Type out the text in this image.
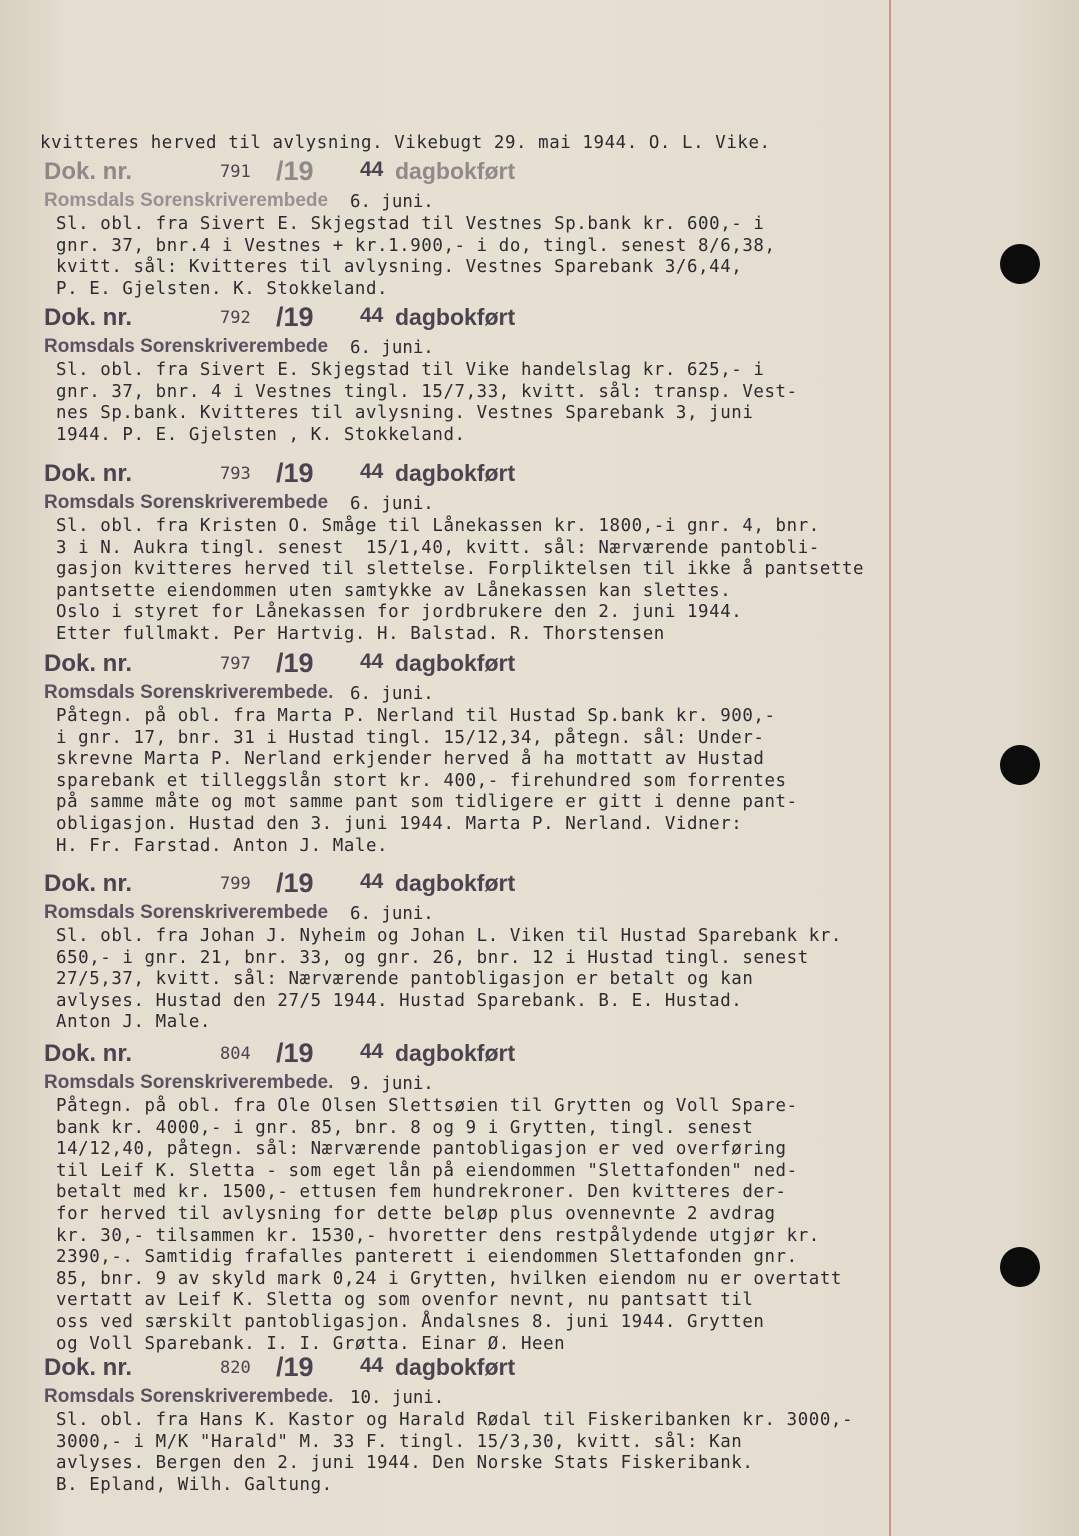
kvitteres herved til avlysning. Vikebugt 29. mai 1944. O. L. Vike.
Dok. nr.	791 /19 44 dagbokført
Romsdals Sorenskriverembede 6. juni.
Sl. obl. fra Sivert E. Skjegstad til Vestnes Sp.bank kr. 600,- i
gnr. 37, bnr.4 i Vestnes + kr.1.900,- i do, tingl. senest 8/6,38,
kvitt. sål: Kvitteres til avlysning. Vestnes Sparebank 3/6,44,
P. E. Gjelsten. K. Stokkeland.
Dok. nr.	792 /19 44 dagbokført
Romsdals Sorenskriverembede 6. juni.
Sl. obl. fra Sivert E. Skjegstad til Vike handelslag kr. 625,- i
gnr. 37, bnr. 4 i Vestnes tingl. 15/7,33, kvitt. sål: transp. Vest-
nes Sp.bank. Kvitteres til avlysning. Vestnes Sparebank 3, juni
1944. P. E. Gjelsten , K. Stokkeland.
Dok. nr.	793 /19 44 dagbokført
Romsdals Sorenskriverembede 6. juni.
Sl. obl. fra Kristen O. Småge til Lånekassen kr. 1800,-i gnr. 4, bnr.
3 i N. Aukra tingl. senest  15/1,40, kvitt. sål: Nærværende pantobli-
gasjon kvitteres herved til slettelse. Forpliktelsen til ikke å pantsette
pantsette eiendommen uten samtykke av Lånekassen kan slettes.
Oslo i styret for Lånekassen for jordbrukere den 2. juni 1944.
Etter fullmakt. Per Hartvig. H. Balstad. R. Thorstensen
Dok. nr.	797 /19 44 dagbokført
Romsdals Sorenskriverembede. 6. juni.
Påtegn. på obl. fra Marta P. Nerland til Hustad Sp.bank kr. 900,-
i gnr. 17, bnr. 31 i Hustad tingl. 15/12,34, påtegn. sål: Under-
skrevne Marta P. Nerland erkjender herved å ha mottatt av Hustad
sparebank et tilleggslån stort kr. 400,- firehundred som forrentes
på samme måte og mot samme pant som tidligere er gitt i denne pant-
obligasjon. Hustad den 3. juni 1944. Marta P. Nerland. Vidner:
H. Fr. Farstad. Anton J. Male.
Dok. nr.	799 /19 44 dagbokført
Romsdals Sorenskriverembede 6. juni.
Sl. obl. fra Johan J. Nyheim og Johan L. Viken til Hustad Sparebank kr.
650,- i gnr. 21, bnr. 33, og gnr. 26, bnr. 12 i Hustad tingl. senest
27/5,37, kvitt. sål: Nærværende pantobligasjon er betalt og kan
avlyses. Hustad den 27/5 1944. Hustad Sparebank. B. E. Hustad.
Anton J. Male.
Dok. nr.	804 /19 44 dagbokført
Romsdals Sorenskriverembede. 9. juni.
Påtegn. på obl. fra Ole Olsen Slettsøien til Grytten og Voll Spare-
bank kr. 4000,- i gnr. 85, bnr. 8 og 9 i Grytten, tingl. senest
14/12,40, påtegn. sål: Nærværende pantobligasjon er ved overføring
til Leif K. Sletta - som eget lån på eiendommen "Slettafonden" ned-
betalt med kr. 1500,- ettusen fem hundrekroner. Den kvitteres der-
for herved til avlysning for dette beløp plus ovennevnte 2 avdrag
kr. 30,- tilsammen kr. 1530,- hvoretter dens restpålydende utgjør kr.
2390,-. Samtidig frafalles panterett i eiendommen Slettafonden gnr.
85, bnr. 9 av skyld mark 0,24 i Grytten, hvilken eiendom nu er overtatt
vertatt av Leif K. Sletta og som ovenfor nevnt, nu pantsatt til
oss ved særskilt pantobligasjon. Åndalsnes 8. juni 1944. Grytten
og Voll Sparebank. I. I. Grøtta. Einar Ø. Heen
Dok. nr.	820 /19 44 dagbokført
Romsdals Sorenskriverembede. 10. juni.
Sl. obl. fra Hans K. Kastor og Harald Rødal til Fiskeribanken kr. 3000,-
3000,- i M/K "Harald" M. 33 F. tingl. 15/3,30, kvitt. sål: Kan
avlyses. Bergen den 2. juni 1944. Den Norske Stats Fiskeribank.
B. Epland, Wilh. Galtung.
